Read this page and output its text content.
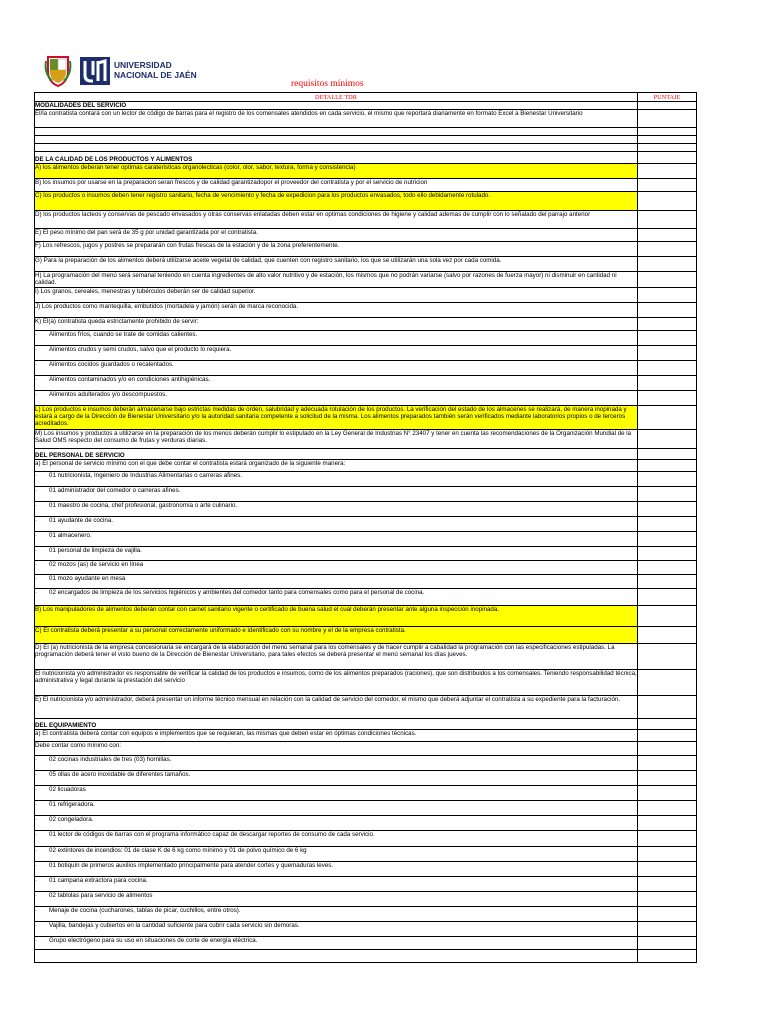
UNIVERSIDAD
NACIONAL DE JAÉN
requisitos mínimos
DETALLE TDR	PUNTAJE
MODALIDADES DEL SERVICIO	
El/la contratista contará con un lector de código de barras para el registro de los comensales atendidos en cada servicio, el mismo que reportará diariamente en formato Excel a Bienestar Universitario	

DE LA CALIDAD DE LOS PRODUCTOS Y ALIMENTOS	
A) los alimentos deberan tener optimas carateristicas organolecticas (color, olor, sabor, textura, forma y consistencia)	
B) los insumos por usarse en la preparacion seran frescos y de calidad garantizadopor el proveedor del contratista y por el servicio de nutricion	
C) los productos o insumos deben tener registro sanitario, fecha de vencimiento y fecha de expedicion para los productos envasados, todo ello debidamente rotulado.	
D) los productos lacteos y conservas de pescado envasados y otras conservas enlatadas deben estar en optimas condiciones de higiene y calidad ademas de cumplir con lo señalado del parrajo anterior	
E) El peso mínimo del pan será de 35 g por unidad garantizada por el contratista.	
F) Los refrescos, jugos y postres se prepararán con frutas frescas de la estación y de la zona preferentemente.	
G) Para la preparación de los alimentos deberá utilizarse aceite vegetal de calidad, que cuenten con registro sanitario, los que se utilizarán una sola vez por cada comida.	
H) La programación del menú será semanal teniendo en cuenta ingredientes de alto valor nutritivo y de estación, los mismos que no podrán variarse (salvo por razones de fuerza mayor) ni disminuir en cantidad ni calidad.	
I) Los granos, cereales, menestras y tubérculos deberán ser de calidad superior.	
J) Los productos como mantequilla, embutidos (mortadela y jamón) serán de marca reconocida.	
K) El(a) contratista queda estrictamente prohibido de servir:	
· Alimentos fríos, cuando se trate de comidas calientes.	
· Alimentos crudos y semi crudos, salvo que el producto lo requiera.	
· Alimentos cocidos guardados o recalentados.	
· Alimentos contaminados y/o en condiciones antihigiénicas.	
· Alimentos adulterados y/o descompuestos.	
L) Los productos e insumos deberán almacenarse bajo estrictas medidas de orden, salubridad y adecuada rotulación de los productos. La verificación del estado de los almacenes se realizará, de manera inopinada y estará a cargo de la Dirección de Bienestar Universitario y/o la autoridad sanitaria competente a solicitud de la misma. Los alimentos preparados también serán verificados mediante laboratorios propios o de terceros acreditados.	
M) Los insumos y productos a utilizarse en la preparación de los menús deberán cumplir lo estipulado en la Ley General de Industrias N° 23407 y tener en cuenta las recomendaciones de la Organización Mundial de la Salud OMS respecto del consumo de frutas y verduras diarias.	
DEL PERSONAL DE SERVICIO	
a) El personal de servicio mínimo con el que debe contar el contratista estará organizado de la siguiente manera:	
· 01 nutricionista, Ingeniero de Industrias Alimentarias o carreras afines.	
· 01 administrador del comedor o carreras afines.	
· 01 maestro de cocina, chef profesional, gastronomía o arte culinario.	
· 01 ayudante de cocina.	
· 01 almacenero.	
· 01 personal de limpieza de vajilla.	
· 02 mozos (as) de servicio en línea	
· 01 mozo ayudante en mesa	
· 02 encargados de limpieza de los servicios higiénicos y ambientes del comedor tanto para comensales como para el personal de cocina.	
B) Los manipuladores de alimentos deberán contar con carnet sanitario vigente o certificado de buena salud el cual deberán presentar ante alguna inspección inopinada.	
C) El contratista deberá presentar a su personal correctamente uniformado e identificado con su nombre y el de la empresa contratista.	
D) El (a) nutricionista de la empresa concesionaria se encargará de la elaboración del menú semanal para los comensales y de hacer cumplir a cabalidad la programación con las especificaciones estipuladas. La programación deberá tener el visto bueno de la Dirección de Bienestar Universitario, para tales efectos se deberá presentar el menú semanal los días jueves.	
El nutricionista y/o administrador es responsable de verificar la calidad de los productos e insumos, como de los alimentos preparados (raciones), que son distribuidos a los comensales. Teniendo responsabilidad técnica, administrativa y legal durante la prestación del servicio	
E) El nutricionista y/o administrador, deberá presentar un informe técnico mensual en relación con la calidad de servicio del comedor, el mismo que deberá adjuntar el contratista a su expediente para la facturación.	
DEL EQUIPAMIENTO	
a) El contratista deberá contar con equipos e implementos que se requieran, las mismas que deben estar en óptimas condiciones técnicas.	
Debe contar como mínimo con:	
· 02 cocinas industriales de tres (03) hornillas.	
· 05 ollas de acero inoxidable de diferentes tamaños.	
· 02 licuadoras	
· 01 refrigeradora.	
· 02 congeladora.	
· 01 lector de códigos de barras con el programa informático capaz de descargar reportes de consumo de cada servicio.	
· 02 extintores de incendios: 01 de clase K de 6 kg como mínimo y 01 de polvo químico de 6 kg	
· 01 botiquín de primeros auxilios implementado principalmente para atender cortes y quemaduras leves.	
· 01 campana extractora para cocina.	
· 02 tablolas para servicio de alimentos	
· Menaje de cocina (cucharones, tablas de picar, cuchillos, entre otros).	
· Vajilla, bandejas y cubiertos en la cantidad suficiente para cubrir cada servicio sin demoras.	
· Grupo electrógeno para su uso en situaciones de corte de energía eléctrica.	
